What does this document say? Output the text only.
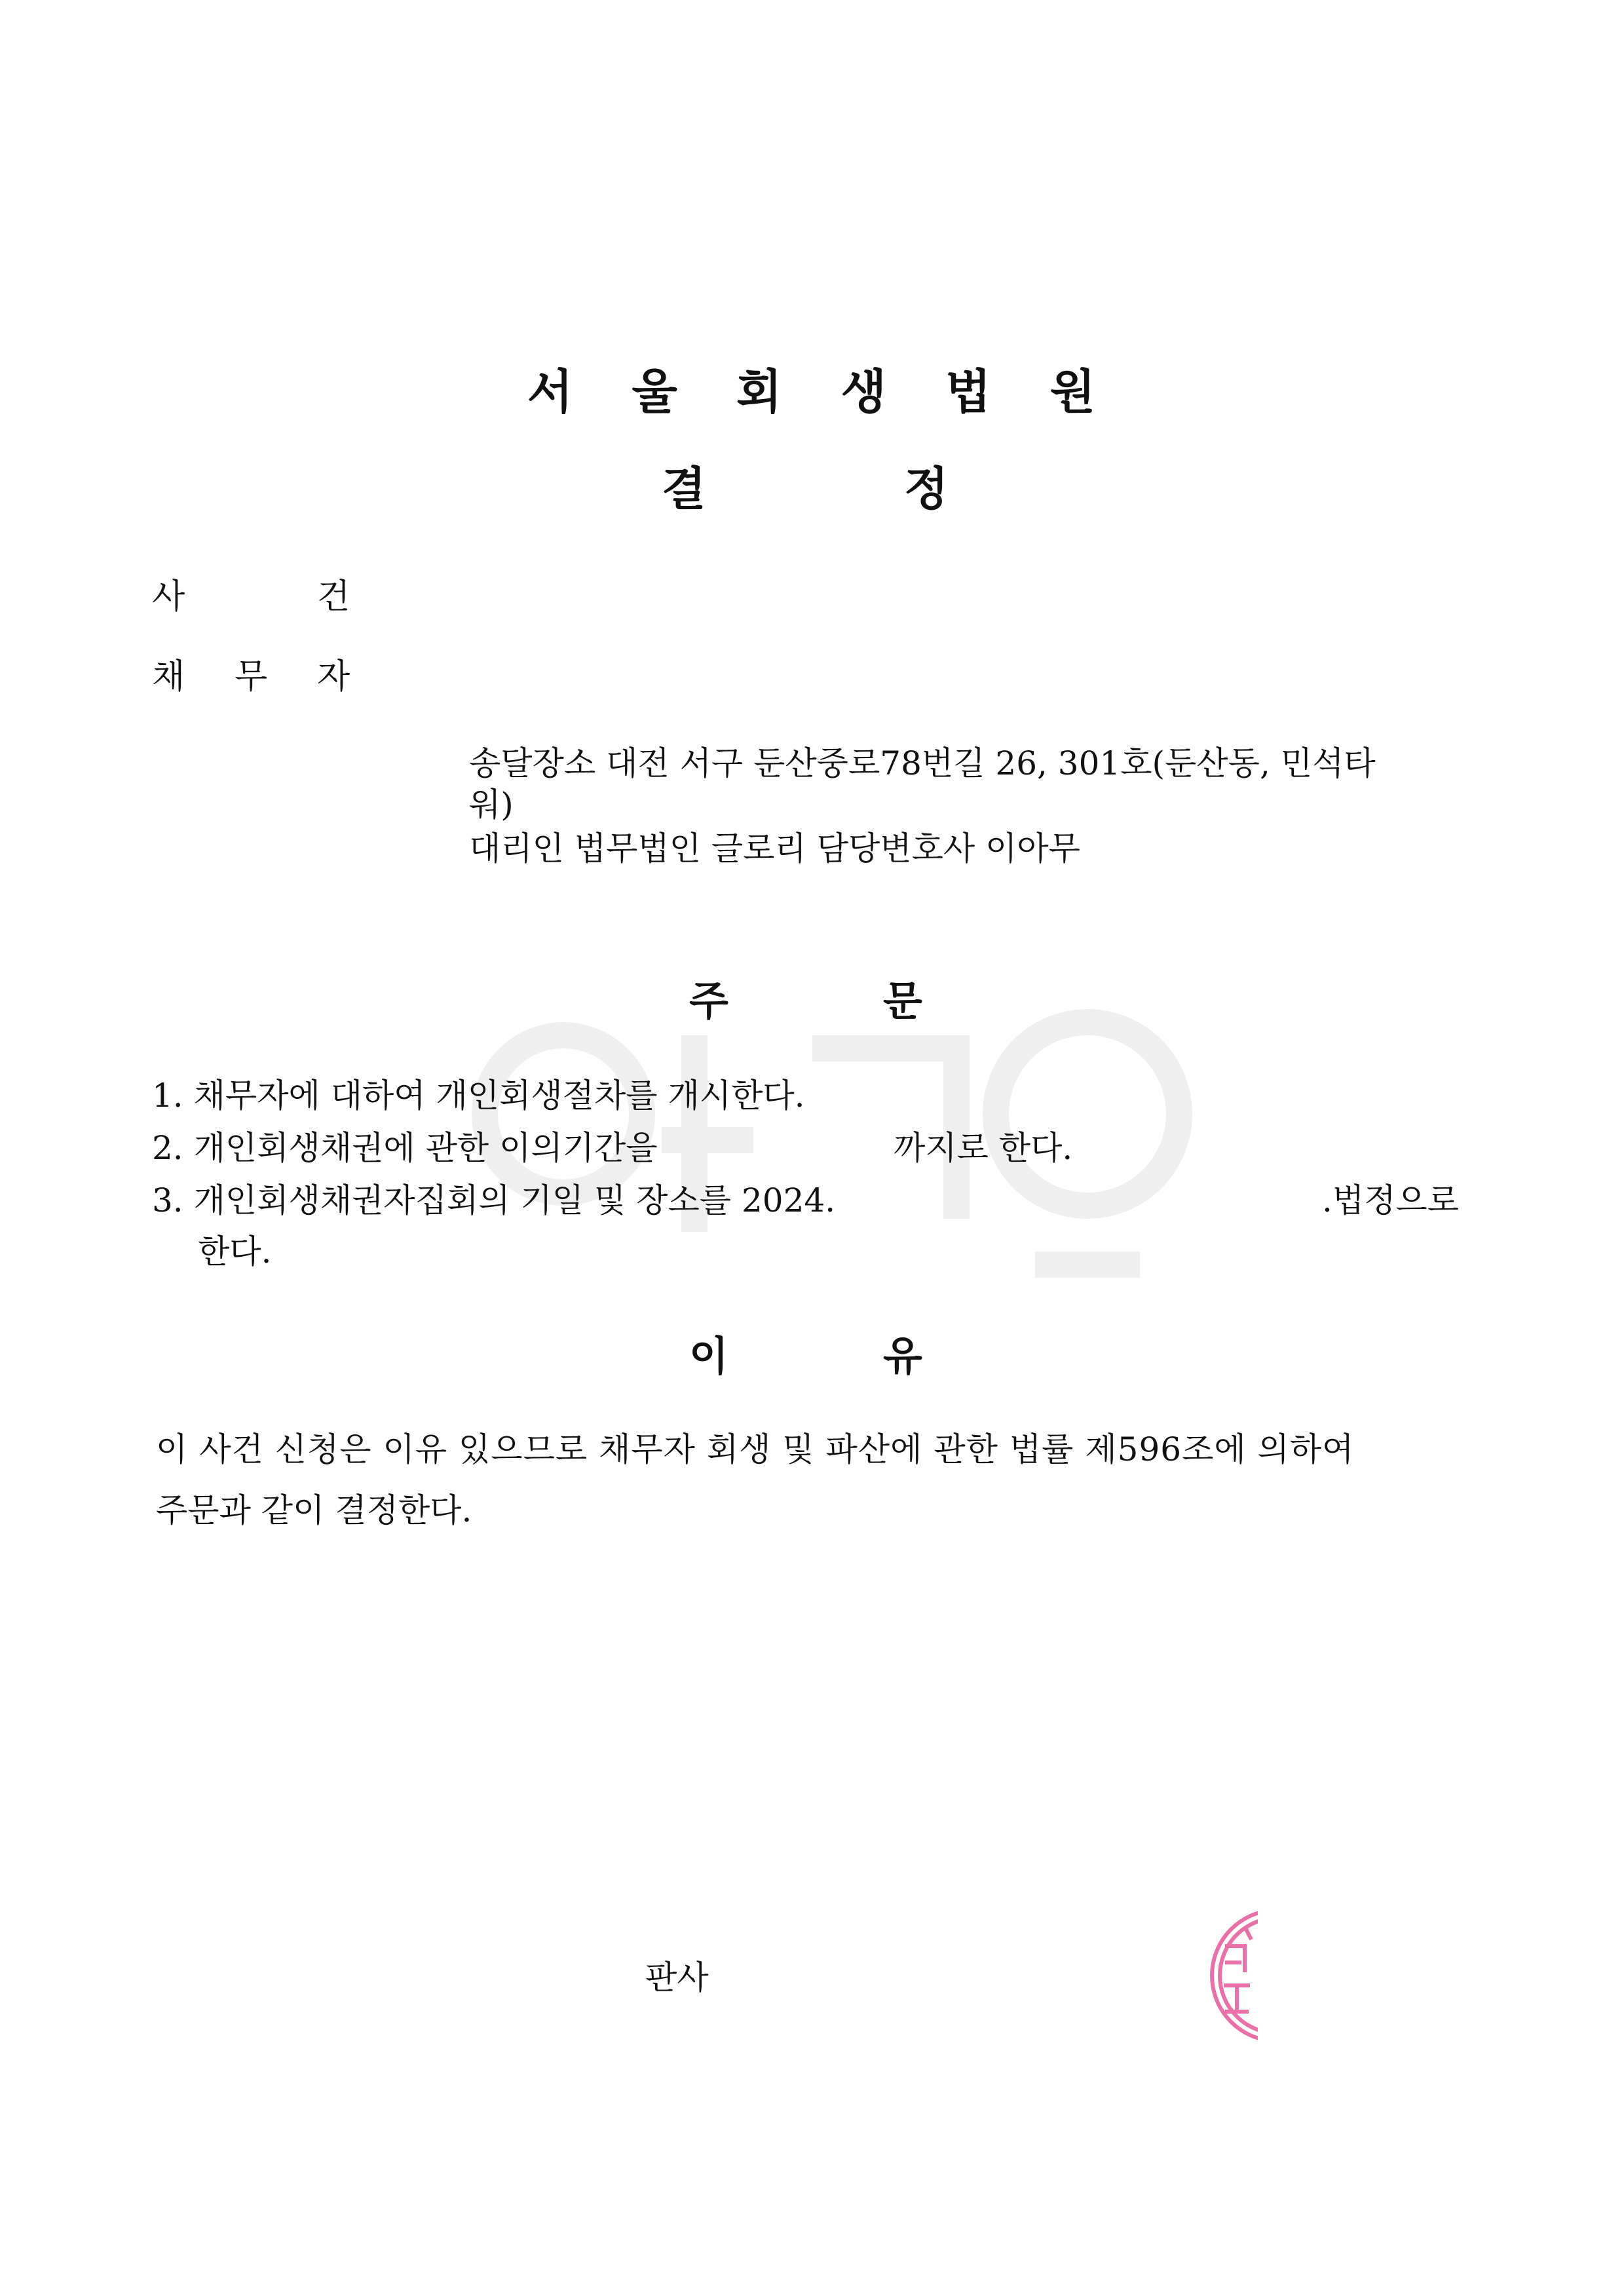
서 울 회 생 법 원
결	정
사	건
채 무 자
송달장소 대전 서구 둔산중로78번길 26, 301호(둔산동, 민석타
워)
대리인 법무법인 글로리 담당변호사 이아무
주	문
1. 채무자에 대하여 개인회생절차를 개시한다.
2. 개인회생채권에 관한 이의기간을	까지로 한다.
3. 개인회생채권자집회의 기일 및 장소를 2024.	.법정으로
한다.
이	유
이 사건 신청은 이유 있으므로 채무자 회생 및 파산에 관한 법률 제596조에 의하여
주문과 같이 결정한다.
판사
